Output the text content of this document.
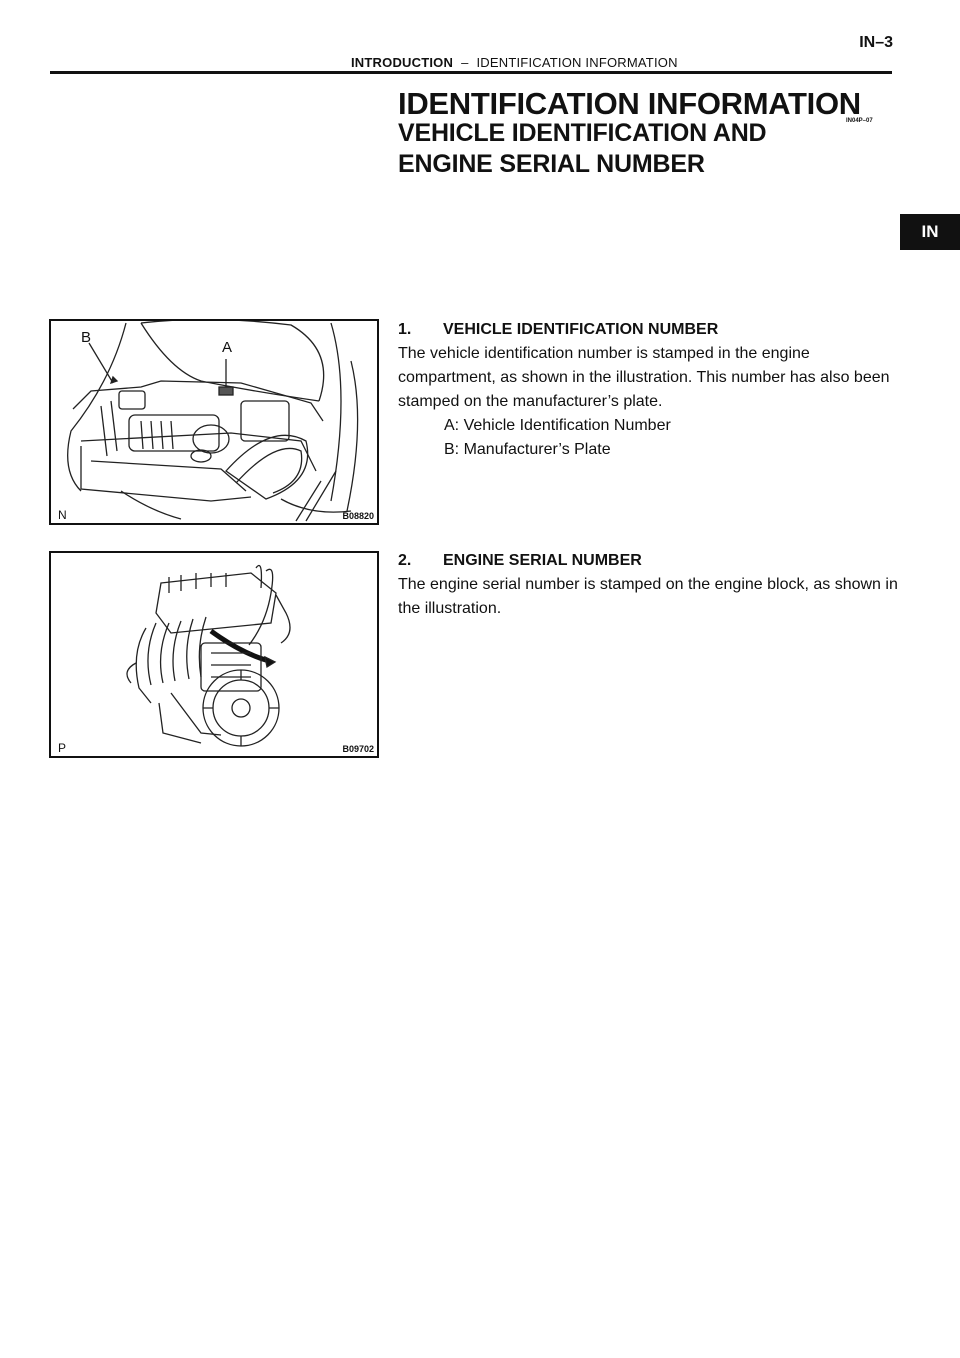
INTRODUCTION – IDENTIFICATION INFORMATION
IN–3
IDENTIFICATION INFORMATION
VEHICLE IDENTIFICATION AND
ENGINE SERIAL NUMBER
IN04P–07
IN
B
A
N	B08820
P	B09702
1. VEHICLE IDENTIFICATION NUMBER
The vehicle identification number is stamped in the engine compartment, as shown in the illustration. This number has also been stamped on the manufacturer’s plate.
A: Vehicle Identification Number
B: Manufacturer’s Plate
2. ENGINE SERIAL NUMBER
The engine serial number is stamped on the engine block, as shown in the illustration.
